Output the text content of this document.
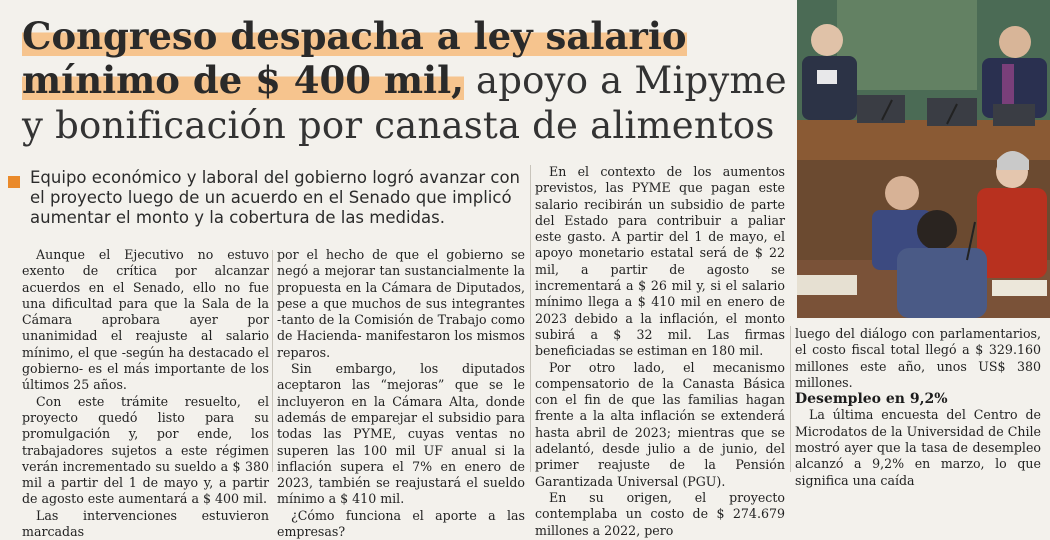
Congreso despacha a ley salario
mínimo de $ 400 mil, apoyo a Mipyme y bonificación por canasta de alimentos

Equipo económico y laboral del gobierno logró avanzar con el proyecto luego de un acuerdo en el Senado que implicó aumentar el monto y la cobertura de las medidas.

Aunque el Ejecutivo no estuvo exento de crítica por alcanzar acuerdos en el Senado, ello no fue una dificultad para que la Sala de la Cámara aprobara ayer por unanimidad el reajuste al salario mínimo, el que -según ha destacado el gobierno- es el más importante de los últimos 25 años.

Con este trámite resuelto, el proyecto quedó listo para su promulgación y, por ende, los trabajadores sujetos a este régimen verán incrementado su sueldo a $ 380 mil a partir del 1 de mayo y, a partir de agosto este aumentará a $ 400 mil.

Las intervenciones estuvieron marcadas

por el hecho de que el gobierno se negó a mejorar tan sustancialmente la propuesta en la Cámara de Diputados, pese a que muchos de sus integrantes -tanto de la Comisión de Trabajo como de Hacienda- manifestaron los mismos reparos.

Sin embargo, los diputados aceptaron las “mejoras” que se le incluyeron en la Cámara Alta, donde además de emparejar el subsidio para todas las PYME, cuyas ventas no superen las 100 mil UF anual si la inflación supera el 7% en enero de 2023, también se reajustará el sueldo mínimo a $ 410 mil.

¿Cómo funciona el aporte a las empresas?

En el contexto de los aumentos previstos, las PYME que pagan este salario recibirán un subsidio de parte del Estado para contribuir a paliar este gasto. A partir del 1 de mayo, el apoyo monetario estatal será de $ 22 mil, a partir de agosto se incrementará a $ 26 mil y, si el salario mínimo llega a $ 410 mil en enero de 2023 debido a la inflación, el monto subirá a $ 32 mil. Las firmas beneficiadas se estiman en 180 mil.

Por otro lado, el mecanismo compensatorio de la Canasta Básica con el fin de que las familias hagan frente a la alta inflación se extenderá hasta abril de 2023; mientras que se adelantó, desde julio a de junio, del primer reajuste de la Pensión Garantizada Universal (PGU).

En su origen, el proyecto contemplaba un costo de $ 274.679 millones a 2022, pero

luego del diálogo con parlamentarios, el costo fiscal total llegó a $ 329.160 millones este año, unos US$ 380 millones.

Desempleo en 9,2%

La última encuesta del Centro de Microdatos de la Universidad de Chile mostró ayer que la tasa de desempleo alcanzó a 9,2% en marzo, lo que significa una caída
